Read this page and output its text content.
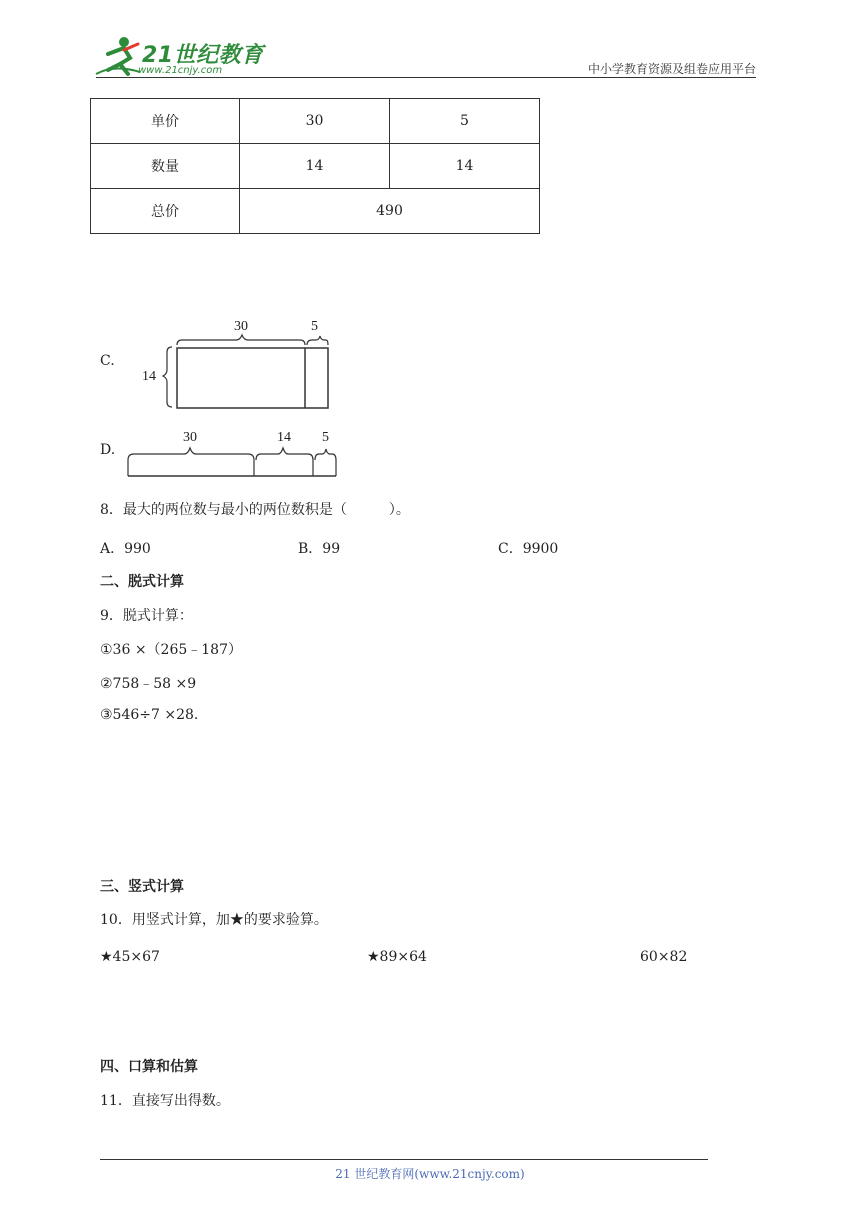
21世纪教育
www.21cnjy.com	中小学教育资源及组卷应用平台
单价	30	5
数量	14	14
总价	490	
C.
30	5
14
D.
30	14 5
8．最大的两位数与最小的两位数积是（　　　）。
A．990	B．99	C．9900
二、脱式计算
9．脱式计算：
①36 ×（265﹣187）
②758﹣58 ×9
③546÷7 ×28.
三、竖式计算
10．用竖式计算，加★的要求验算。
★45×67	★89×64	60×82
四、口算和估算
11．直接写出得数。
21 世纪教育网(www.21cnjy.com)
